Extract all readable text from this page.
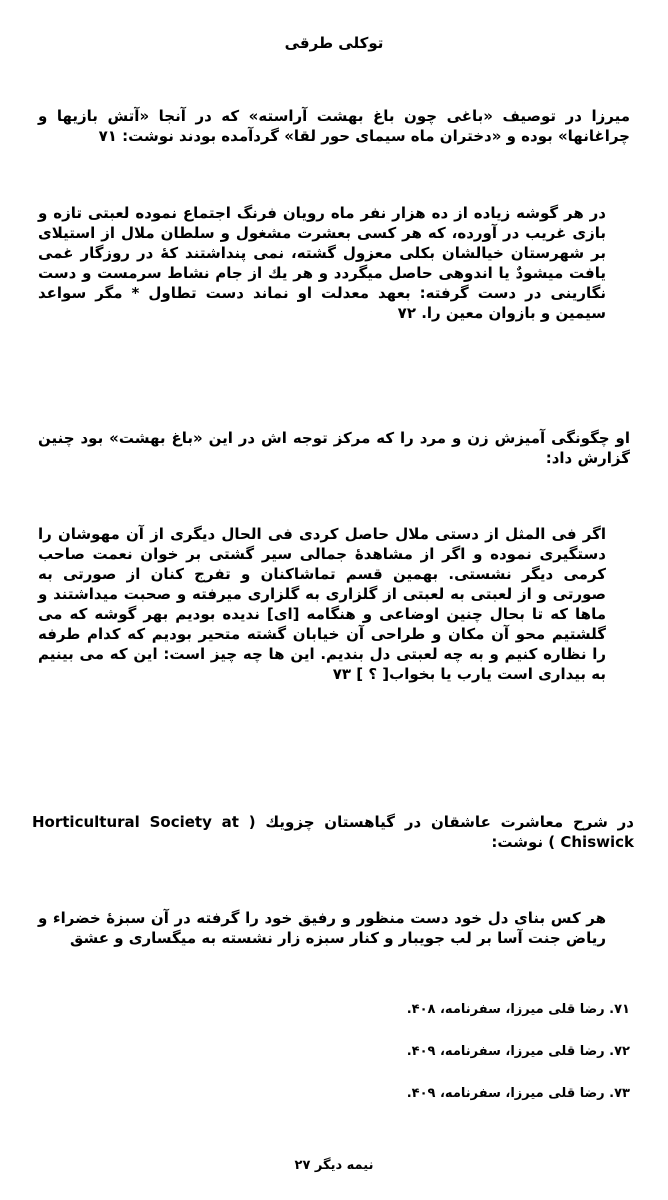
توکلی طرقی

میرزا در توصیف «باغی چون باغ بهشت آراسته» که در آنجا «آتش بازیها و چراغانها» بوده و «دختران ماه سیمای حور لقا» گردآمده بودند نوشت: ۷۱

در هر گوشه زیاده از ده هزار نفر ماه رویان فرنگ اجتماع نموده لعبتی تازه و بازی غریب در آورده، که هر کسی بعشرت مشغول و سلطان ملال از استیلای بر شهرستان خیالشان بکلی معزول گشته، نمی پنداشتند کهٔ در روزگار غمی یافت میشودٌ یا اندوهی حاصل میگردد و هر یك از جام نشاط سرمست و دست نگارینی در دست گرفته: بعهد معدلت او نماند دست تطاول * مگر سواعد سیمین و بازوان معین را. ۷۲

او چگونگی آمیزش زن و مرد را که مرکز توجه اش در این «باغ بهشت» بود چنین گزارش داد:

اگر فی المثل از دستی ملال حاصل کردی فی الحال دیگری از آن مهوشان را دستگیری نموده و اگر از مشاهدهٔ جمالی سیر گشتی بر خوان نعمت صاحب کرمی دیگر نشستی. بهمین قسم تماشاکنان و تفرج کنان از صورتی به صورتی و از لعبتی به لعبتی از گلزاری به گلزاری میرفته و صحبت میداشتند و ماها که تا بحال چنین اوضاعی و هنگامه [ای] ندیده بودیم بهر گوشه که می گلشتیم محو آن مکان و طراحی آن خیابان گشته متحیر بودیم که کدام طرفه را نظاره کنیم و به چه لعبتی دل بندیم. این ها چه چیز است: این که می بینیم به بیداری است یارب یا بخواب[ ؟ ] ۷۳

در شرح معاشرت عاشقان در گیاهستان چزویك ( Horticultural Society at Chiswick ) نوشت:

هر کس بنای دل خود دست منظور و رفیق خود را گرفته در آن سبزهٔ خضراء و ریاض جنت آسا بر لب جویبار و کنار سبزه زار نشسته به میگساری و عشق

۷۱. رضا قلی میرزا، سفرنامه، ۴۰۸.

۷۲. رضا قلی میرزا، سفرنامه، ۴۰۹.

۷۳. رضا قلی میرزا، سفرنامه، ۴۰۹.

نیمه دیگر ۲۷
